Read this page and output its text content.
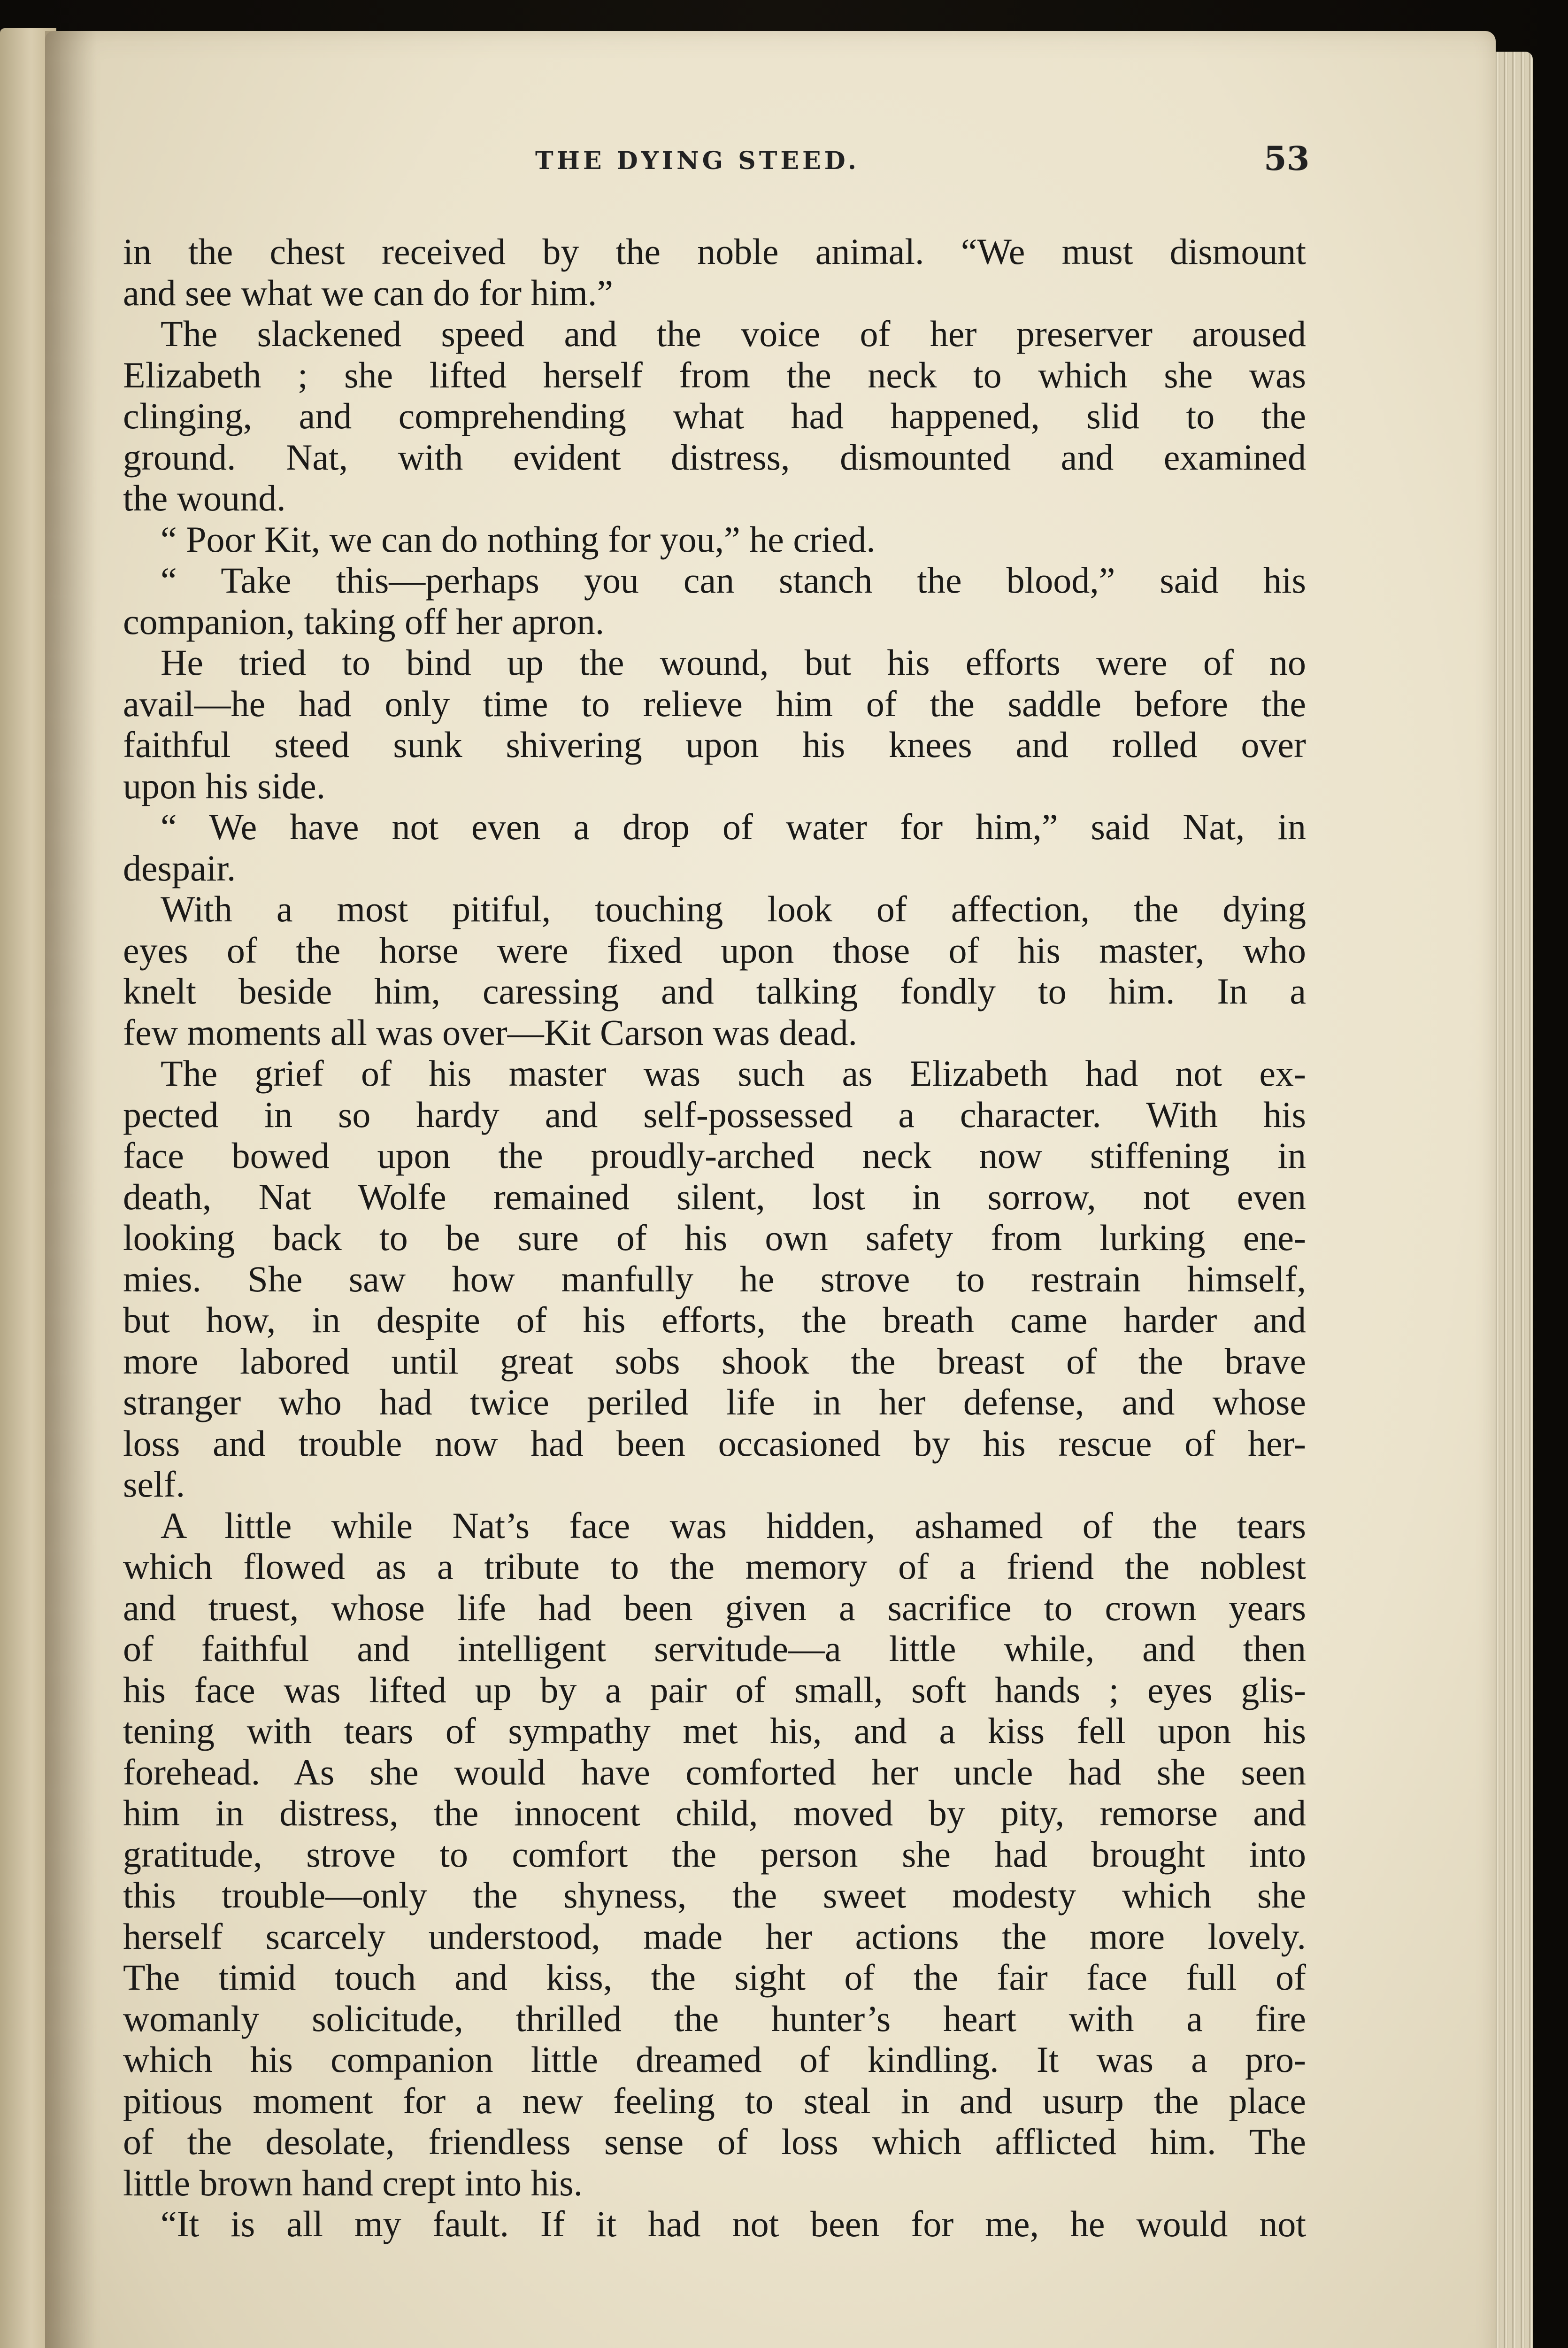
THE DYING STEED.	53
in the chest received by the noble animal. “We must dismount
and see what we can do for him.”
The slackened speed and the voice of her preserver aroused
Elizabeth ; she lifted herself from the neck to which she was
clinging, and comprehending what had happened, slid to the
ground. Nat, with evident distress, dismounted and examined
the wound.
“ Poor Kit, we can do nothing for you,” he cried.
“ Take this—perhaps you can stanch the blood,” said his
companion, taking off her apron.
He tried to bind up the wound, but his efforts were of no
avail—he had only time to relieve him of the saddle before the
faithful steed sunk shivering upon his knees and rolled over
upon his side.
“ We have not even a drop of water for him,” said Nat, in
despair.
With a most pitiful, touching look of affection, the dying
eyes of the horse were fixed upon those of his master, who
knelt beside him, caressing and talking fondly to him. In a
few moments all was over—Kit Carson was dead.
The grief of his master was such as Elizabeth had not ex-
pected in so hardy and self-possessed a character. With his
face bowed upon the proudly-arched neck now stiffening in
death, Nat Wolfe remained silent, lost in sorrow, not even
looking back to be sure of his own safety from lurking ene-
mies. She saw how manfully he strove to restrain himself,
but how, in despite of his efforts, the breath came harder and
more labored until great sobs shook the breast of the brave
stranger who had twice periled life in her defense, and whose
loss and trouble now had been occasioned by his rescue of her-
self.
A little while Nat’s face was hidden, ashamed of the tears
which flowed as a tribute to the memory of a friend the noblest
and truest, whose life had been given a sacrifice to crown years
of faithful and intelligent servitude—a little while, and then
his face was lifted up by a pair of small, soft hands ; eyes glis-
tening with tears of sympathy met his, and a kiss fell upon his
forehead. As she would have comforted her uncle had she seen
him in distress, the innocent child, moved by pity, remorse and
gratitude, strove to comfort the person she had brought into
this trouble—only the shyness, the sweet modesty which she
herself scarcely understood, made her actions the more lovely.
The timid touch and kiss, the sight of the fair face full of
womanly solicitude, thrilled the hunter’s heart with a fire
which his companion little dreamed of kindling. It was a pro-
pitious moment for a new feeling to steal in and usurp the place
of the desolate, friendless sense of loss which afflicted him. The
little brown hand crept into his.
“It is all my fault. If it had not been for me, he would not
